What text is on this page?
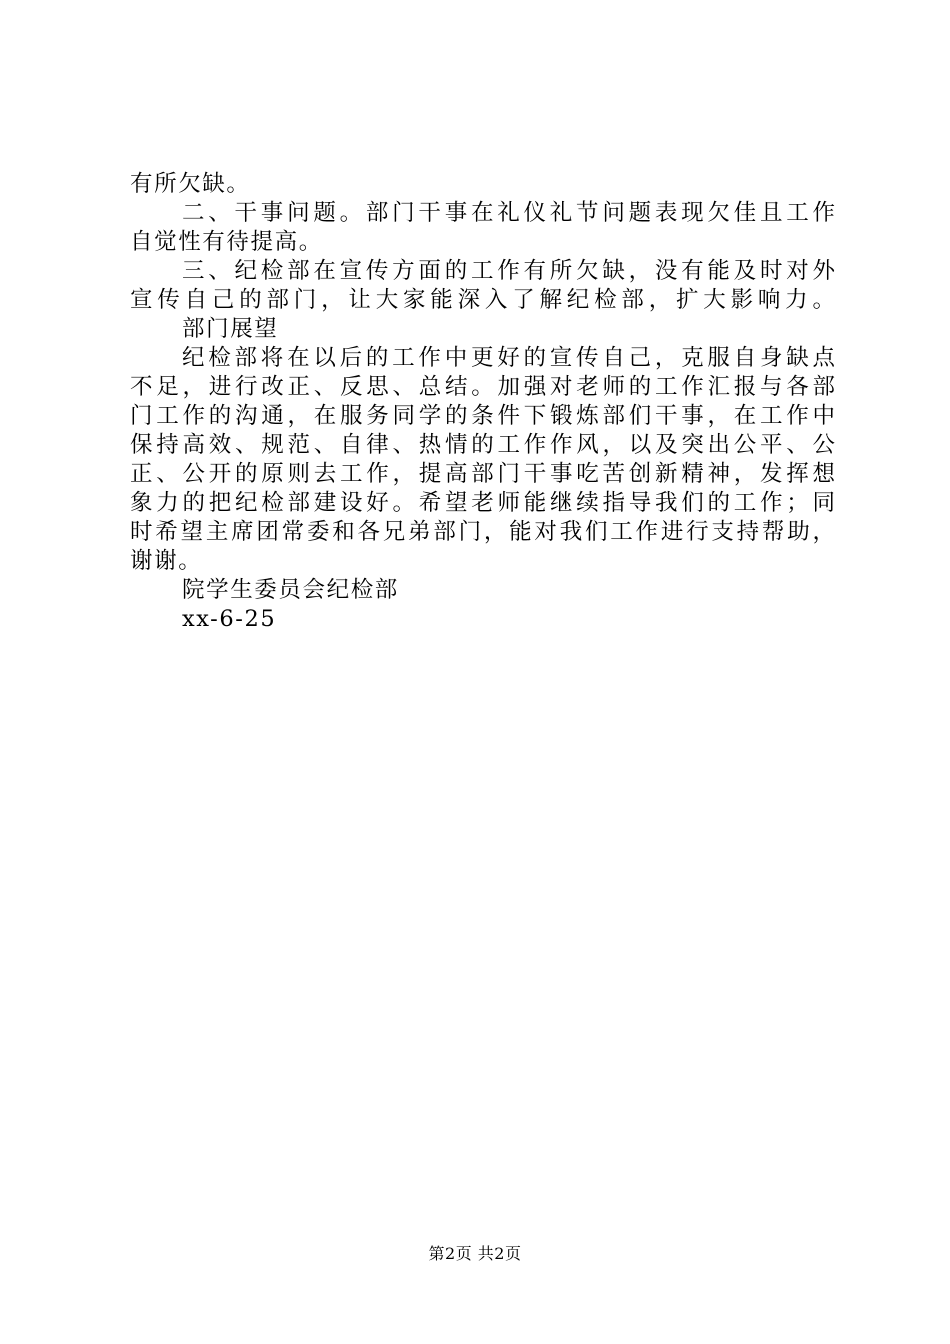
有所欠缺。
二、干事问题。部门干事在礼仪礼节问题表现欠佳且工作
自觉性有待提高。
三、纪检部在宣传方面的工作有所欠缺，没有能及时对外
宣传自己的部门，让大家能深入了解纪检部，扩大影响力。
部门展望
纪检部将在以后的工作中更好的宣传自己，克服自身缺点
不足，进行改正、反思、总结。加强对老师的工作汇报与各部
门工作的沟通，在服务同学的条件下锻炼部们干事，在工作中
保持高效、规范、自律、热情的工作作风，以及突出公平、公
正、公开的原则去工作，提高部门干事吃苦创新精神，发挥想
象力的把纪检部建设好。希望老师能继续指导我们的工作；同
时希望主席团常委和各兄弟部门，能对我们工作进行支持帮助，
谢谢。
院学生委员会纪检部
xx-6-25
第2页 共2页
